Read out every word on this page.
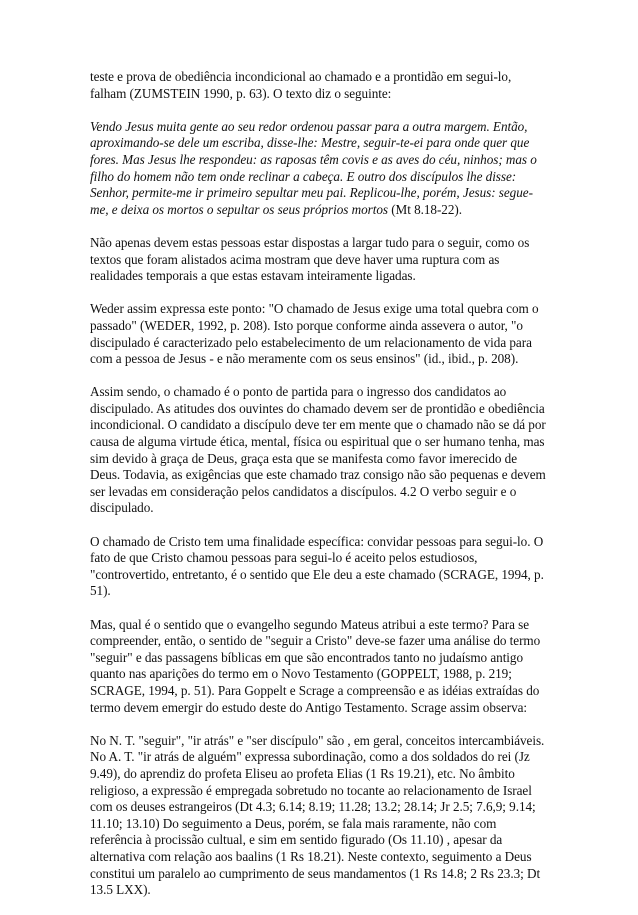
teste e prova de obediência incondicional ao chamado e a prontidão em segui-lo, falham (ZUMSTEIN 1990, p. 63). O texto diz o seguinte:

Vendo Jesus muita gente ao seu redor ordenou passar para a outra margem. Então, aproximando-se dele um escriba, disse-lhe: Mestre, seguir-te-ei para onde quer que fores. Mas Jesus lhe respondeu: as raposas têm covis e as aves do céu, ninhos; mas o filho do homem não tem onde reclinar a cabeça. E outro dos discípulos lhe disse: Senhor, permite-me ir primeiro sepultar meu pai. Replicou-lhe, porém, Jesus: segue-me, e deixa os mortos o sepultar os seus próprios mortos (Mt 8.18-22).

Não apenas devem estas pessoas estar dispostas a largar tudo para o seguir, como os textos que foram alistados acima mostram que deve haver uma ruptura com as realidades temporais a que estas estavam inteiramente ligadas.

Weder assim expressa este ponto: "O chamado de Jesus exige uma total quebra com o passado" (WEDER, 1992, p. 208). Isto porque conforme ainda assevera o autor, "o discipulado é caracterizado pelo estabelecimento de um relacionamento de vida para com a pessoa de Jesus - e não meramente com os seus ensinos" (id., ibid., p. 208).

Assim sendo, o chamado é o ponto de partida para o ingresso dos candidatos ao discipulado. As atitudes dos ouvintes do chamado devem ser de prontidão e obediência incondicional. O candidato a discípulo deve ter em mente que o chamado não se dá por causa de alguma virtude ética, mental, física ou espiritual que o ser humano tenha, mas sim devido à graça de Deus, graça esta que se manifesta como favor imerecido de Deus. Todavia, as exigências que este chamado traz consigo não são pequenas e devem ser levadas em consideração pelos candidatos a discípulos. 4.2 O verbo seguir e o discipulado.

O chamado de Cristo tem uma finalidade específica: convidar pessoas para segui-lo. O fato de que Cristo chamou pessoas para segui-lo é aceito pelos estudiosos, "controvertido, entretanto, é o sentido que Ele deu a este chamado (SCRAGE, 1994, p. 51).

Mas, qual é o sentido que o evangelho segundo Mateus atribui a este termo? Para se compreender, então, o sentido de "seguir a Cristo" deve-se fazer uma análise do termo "seguir" e das passagens bíblicas em que são encontrados tanto no judaísmo antigo quanto nas aparições do termo em o Novo Testamento (GOPPELT, 1988, p. 219; SCRAGE, 1994, p. 51). Para Goppelt e Scrage a compreensão e as idéias extraídas do termo devem emergir do estudo deste do Antigo Testamento. Scrage assim observa:

No N. T. "seguir", "ir atrás" e "ser discípulo" são , em geral, conceitos intercambiáveis. No A. T. "ir atrás de alguém" expressa subordinação, como a dos soldados do rei (Jz 9.49), do aprendiz do profeta Eliseu ao profeta Elias (1 Rs 19.21), etc. No âmbito religioso, a expressão é empregada sobretudo no tocante ao relacionamento de Israel com os deuses estrangeiros (Dt 4.3; 6.14; 8.19; 11.28; 13.2; 28.14; Jr 2.5; 7.6,9; 9.14; 11.10; 13.10) Do seguimento a Deus, porém, se fala mais raramente, não com referência à procissão cultual, e sim em sentido figurado (Os 11.10) , apesar da alternativa com relação aos baalins (1 Rs 18.21). Neste contexto, seguimento a Deus constitui um paralelo ao cumprimento de seus mandamentos (1 Rs 14.8; 2 Rs 23.3; Dt 13.5 LXX).
